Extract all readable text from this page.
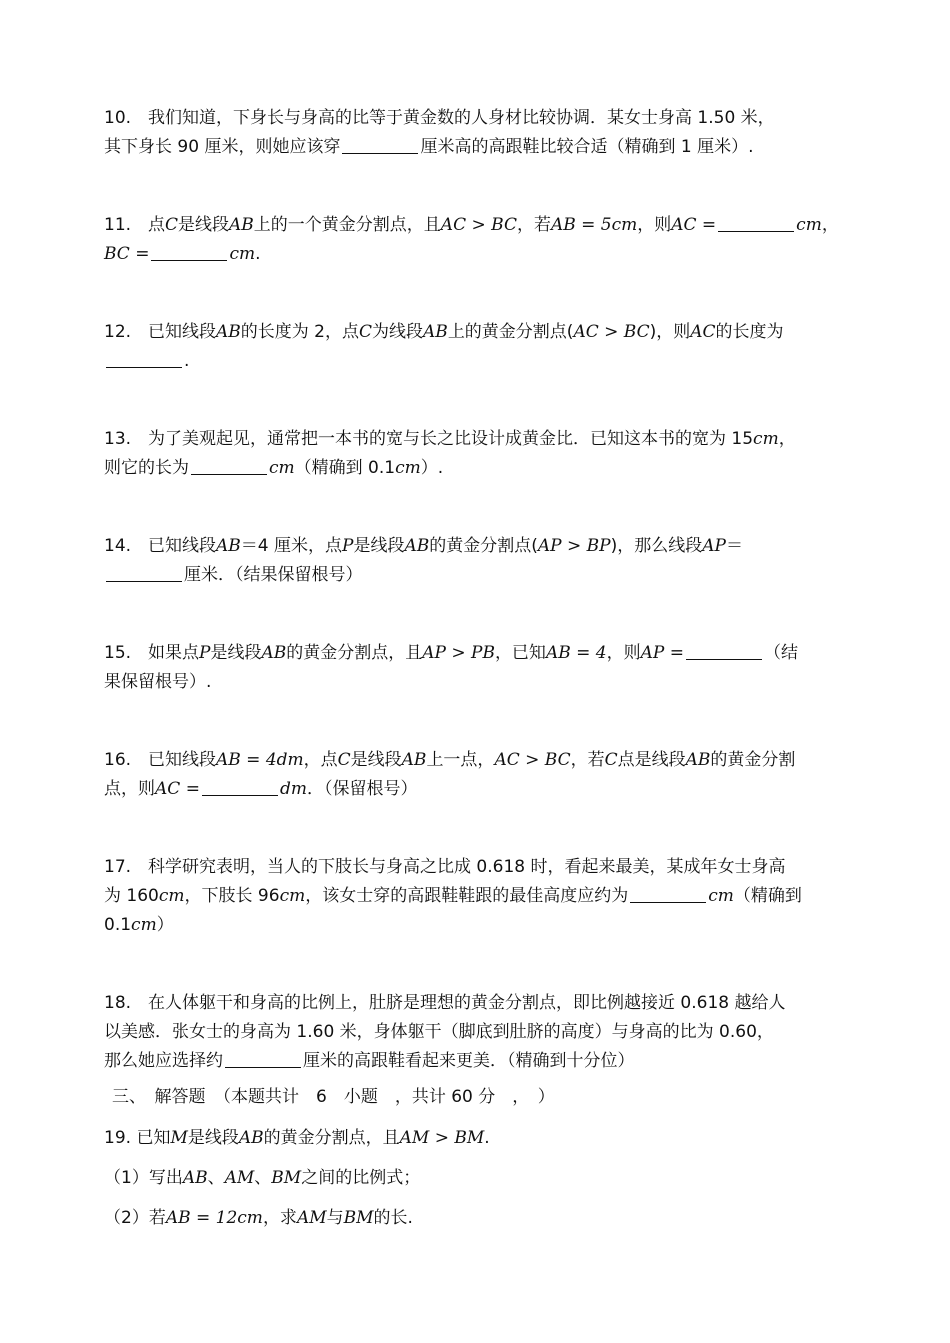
10. 我们知道，下身长与身高的比等于黄金数的人身材比较协调．某女士身高 1.50 米，
其下身长 90 厘米，则她应该穿	厘米高的高跟鞋比较合适（精确到 1 厘米）.
11. 点C是线段AB上的一个黄金分割点，且AC > BC，若AB = 5cm，则AC =	cm，
BC =	cm.
12. 已知线段AB的长度为 2，点C为线段AB上的黄金分割点(AC > BC)，则AC的长度为
.
13. 为了美观起见，通常把一本书的宽与长之比设计成黄金比．已知这本书的宽为 15cm，
则它的长为	cm（精确到 0.1cm）.
14. 已知线段AB＝4 厘米，点P是线段AB的黄金分割点(AP > BP)，那么线段AP＝
厘米．（结果保留根号）
15. 如果点P是线段AB的黄金分割点，且AP > PB，已知AB = 4，则AP =	（结
果保留根号）.
16. 已知线段AB = 4dm，点C是线段AB上一点，AC > BC，若C点是线段AB的黄金分割
点，则AC =	dm．（保留根号）
17. 科学研究表明，当人的下肢长与身高之比成 0.618 时，看起来最美，某成年女士身高
为 160cm，下肢长 96cm，该女士穿的高跟鞋鞋跟的最佳高度应约为	cm（精确到
0.1cm）
18. 在人体躯干和身高的比例上，肚脐是理想的黄金分割点，即比例越接近 0.618 越给人
以美感．张女士的身高为 1.60 米，身体躯干（脚底到肚脐的高度）与身高的比为 0.60，
那么她应选择约	厘米的高跟鞋看起来更美．（精确到十分位）
三、　解答题　（本题共计　6　小题　，共计 60 分　，　）
19. 已知M是线段AB的黄金分割点，且AM > BM.
（1）写出AB、AM、BM之间的比例式；
（2）若AB = 12cm，求AM与BM的长.
